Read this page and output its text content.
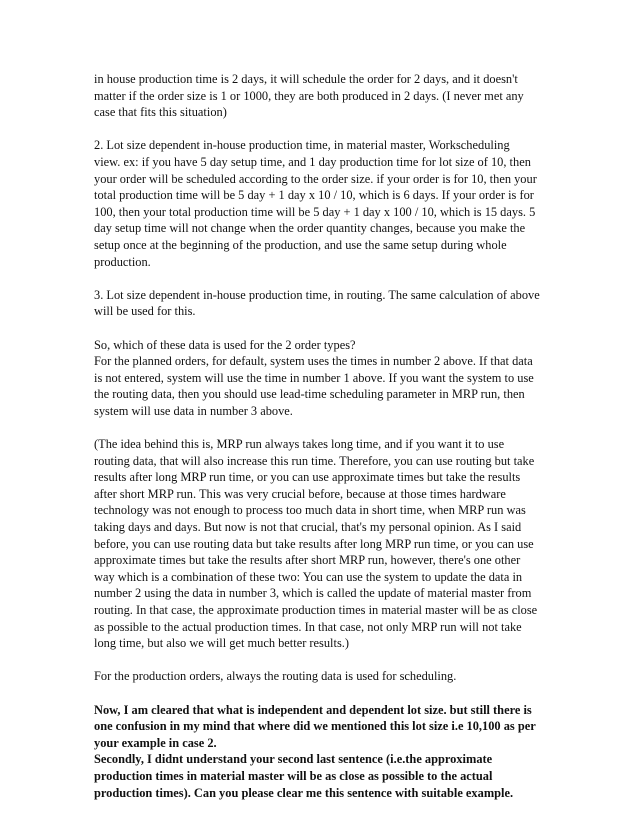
in house production time is 2 days, it will schedule the order for 2 days, and it doesn't
matter if the order size is 1 or 1000, they are both produced in 2 days. (I never met any
case that fits this situation)
2. Lot size dependent in-house production time, in material master, Workscheduling
view. ex: if you have 5 day setup time, and 1 day production time for lot size of 10, then
your order will be scheduled according to the order size. if your order is for 10, then your
total production time will be 5 day + 1 day x 10 / 10, which is 6 days. If your order is for
100, then your total production time will be 5 day + 1 day x 100 / 10, which is 15 days. 5
day setup time will not change when the order quantity changes, because you make the
setup once at the beginning of the production, and use the same setup during whole
production.
3. Lot size dependent in-house production time, in routing. The same calculation of above
will be used for this.
So, which of these data is used for the 2 order types?
For the planned orders, for default, system uses the times in number 2 above. If that data
is not entered, system will use the time in number 1 above. If you want the system to use
the routing data, then you should use lead-time scheduling parameter in MRP run, then
system will use data in number 3 above.
(The idea behind this is, MRP run always takes long time, and if you want it to use
routing data, that will also increase this run time. Therefore, you can use routing but take
results after long MRP run time, or you can use approximate times but take the results
after short MRP run. This was very crucial before, because at those times hardware
technology was not enough to process too much data in short time, when MRP run was
taking days and days. But now is not that crucial, that's my personal opinion. As I said
before, you can use routing data but take results after long MRP run time, or you can use
approximate times but take the results after short MRP run, however, there's one other
way which is a combination of these two: You can use the system to update the data in
number 2 using the data in number 3, which is called the update of material master from
routing. In that case, the approximate production times in material master will be as close
as possible to the actual production times. In that case, not only MRP run will not take
long time, but also we will get much better results.)
For the production orders, always the routing data is used for scheduling.
Now, I am cleared that what is independent and dependent lot size. but still there is
one confusion in my mind that where did we mentioned this lot size i.e 10,100 as per
your example in case 2.
Secondly, I didnt understand your second last sentence (i.e.the approximate
production times in material master will be as close as possible to the actual
production times). Can you please clear me this sentence with suitable example.
